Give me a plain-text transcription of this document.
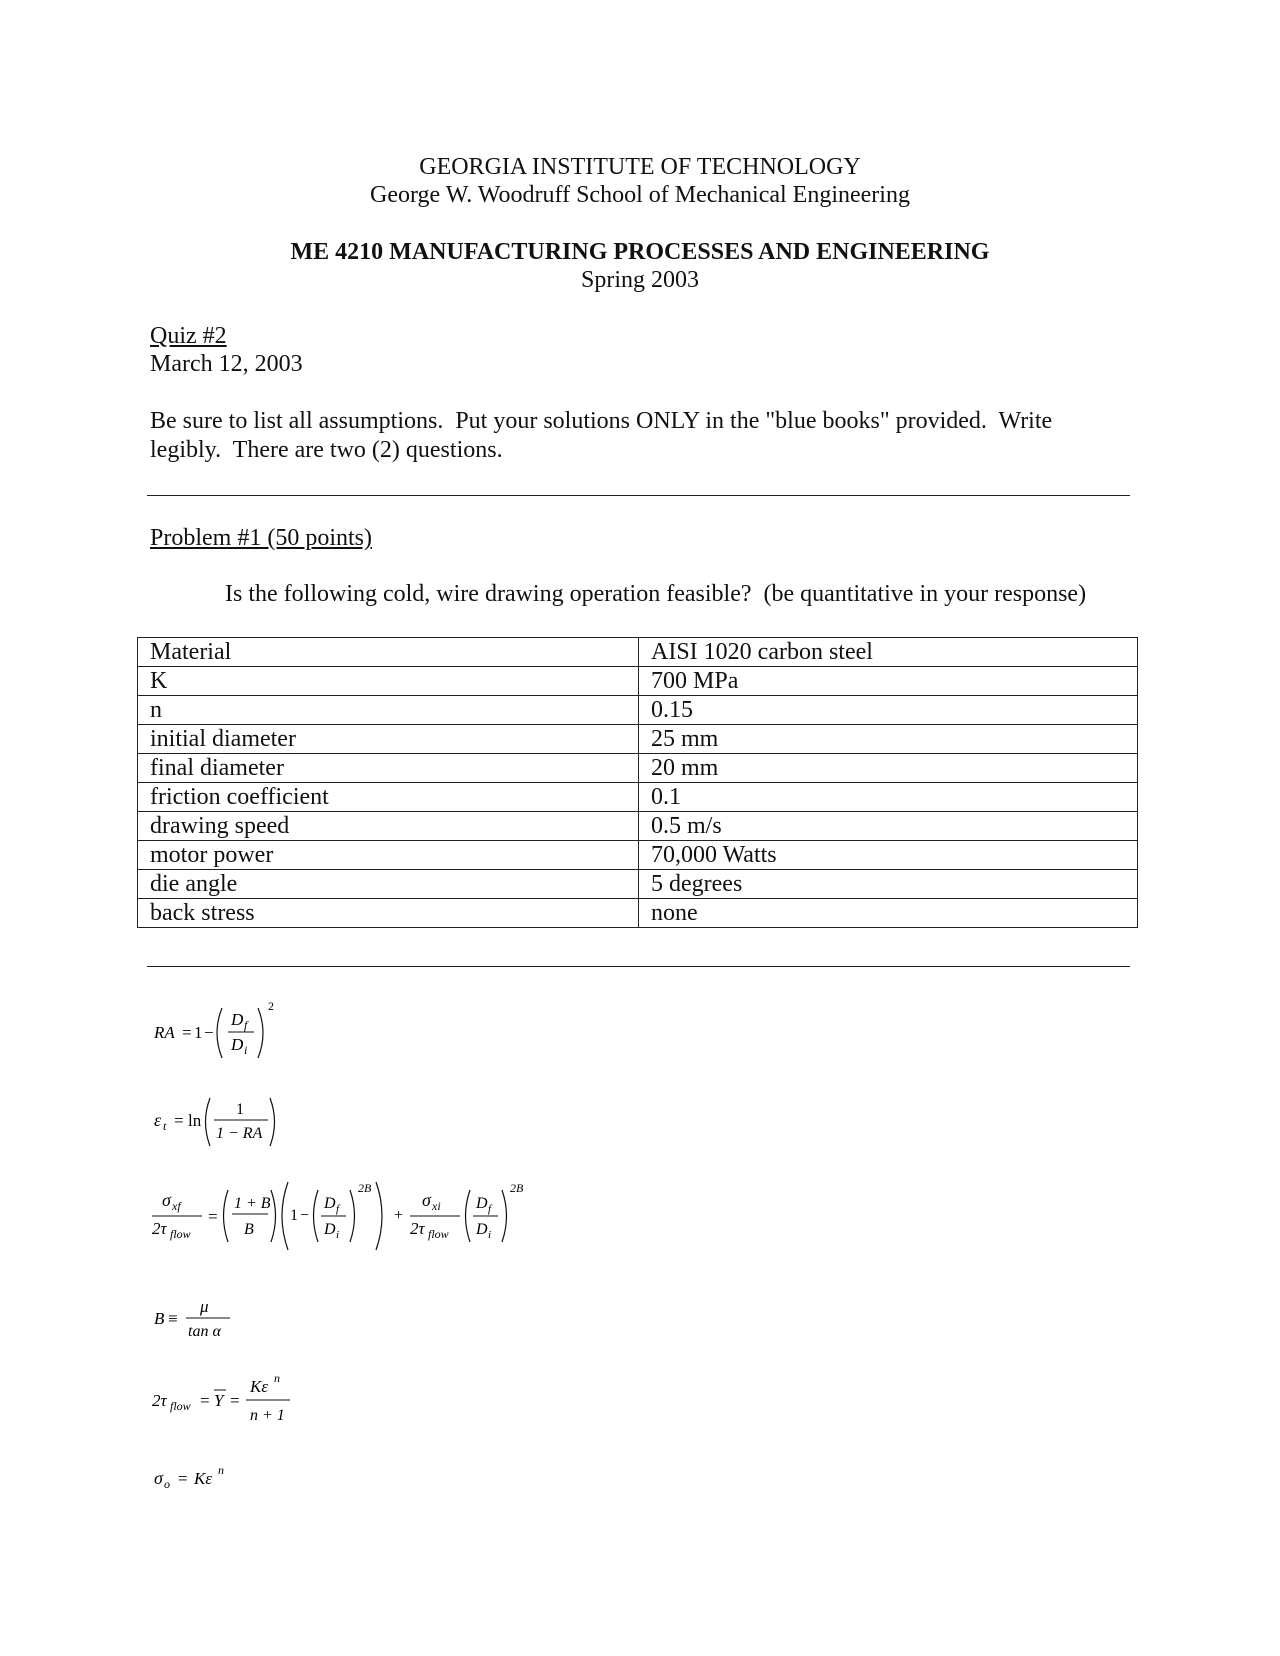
GEORGIA INSTITUTE OF TECHNOLOGY
George W. Woodruff School of Mechanical Engineering
ME 4210 MANUFACTURING PROCESSES AND ENGINEERING
Spring 2003
Quiz #2
March 12, 2003
Be sure to list all assumptions.  Put your solutions ONLY in the "blue books" provided.  Write
legibly.  There are two (2) questions.
Problem #1 (50 points)
Is the following cold, wire drawing operation feasible?  (be quantitative in your response)
Material	AISI 1020 carbon steel
K	700 MPa
n	0.15
initial diameter	25 mm
final diameter	20 mm
friction coefficient	0.1
drawing speed	0.5 m/s
motor power	70,000 Watts
die angle	5 degrees
back stress	none
RA = 1 −
D f
D i
2
ε t = ln
1
1 − RA
σ xf
2τ flow
=
1 + B
B
1 −
D f
D i
2B
+
σ xi
2τ flow
D f
D i
2B
B ≡
μ
tan α
2τ flow = Y =
Kε n
n + 1
σ o = Kε n
